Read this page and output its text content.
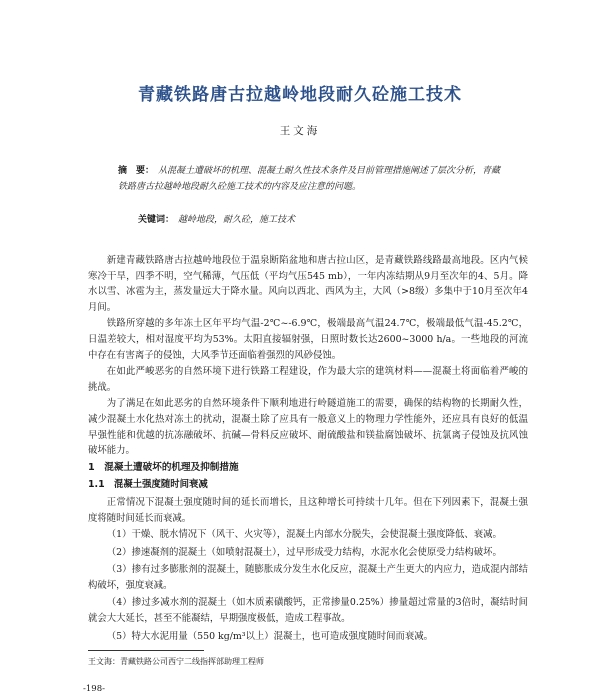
青藏铁路唐古拉越岭地段耐久砼施工技术
王文海
摘　要： 从混凝土遭破坏的机理、混凝土耐久性技术条件及目前管理措施阐述了层次分析，青藏铁路唐古拉越岭地段耐久砼施工技术的内容及应注意的问题。
关键词： 越岭地段，耐久砼，施工技术

新建青藏铁路唐古拉越岭地段位于温泉断陷盆地和唐古拉山区，是青藏铁路线路最高地段。区内气候寒冷干旱，四季不明，空气稀薄，气压低（平均气压545 mb），一年内冻结期从9月至次年的4、5月。降水以雪、冰雹为主，蒸发量远大于降水量。风向以西北、西风为主，大风（>8级）多集中于10月至次年4月间。

铁路所穿越的多年冻土区年平均气温-2℃~-6.9℃，极端最高气温24.7℃，极端最低气温-45.2℃，日温差较大，相对湿度平均为53%。太阳直接辐射强，日照时数长达2600~3000 h/a。一些地段的河流中存在有害离子的侵蚀，大风季节还面临着强烈的风砂侵蚀。

在如此严峻恶劣的自然环境下进行铁路工程建设，作为最大宗的建筑材料——混凝土将面临着严峻的挑战。

为了满足在如此恶劣的自然环境条件下顺利地进行岭隧道施工的需要，确保的结构物的长期耐久性，减少混凝土水化热对冻土的扰动，混凝土除了应具有一般意义上的物理力学性能外，还应具有良好的低温早强性能和优越的抗冻融破坏、抗碱—骨料反应破坏、耐硫酸盐和镁盐腐蚀破坏、抗氯离子侵蚀及抗风蚀破坏能力。

1　混凝土遭破坏的机理及抑制措施
1.1　混凝土强度随时间衰减

正常情况下混凝土强度随时间的延长而增长，且这种增长可持续十几年。但在下列因素下，混凝土强度将随时间延长而衰减。

（1）干燥、脱水情况下（风干、火灾等），混凝土内部水分脱失，会使混凝土强度降低、衰减。

（2）掺速凝剂的混凝土（如喷射混凝土），过早形成受力结构，水泥水化会使原受力结构破坏。

（3）掺有过多膨胀剂的混凝土，随膨胀成分发生水化反应，混凝土产生更大的内应力，造成混内部结构破坏，强度衰减。

（4）掺过多减水剂的混凝土（如木质素磺酸钙，正常掺量0.25%）掺量超过常量的3倍时，凝结时间就会大大延长，甚至不能凝结，早期强度极低，造成工程事故。

（5）特大水泥用量（550 kg/m³以上）混凝土，也可造成强度随时间而衰减。

王文海：青藏铁路公司西宁二线指挥部助理工程师
-198-
